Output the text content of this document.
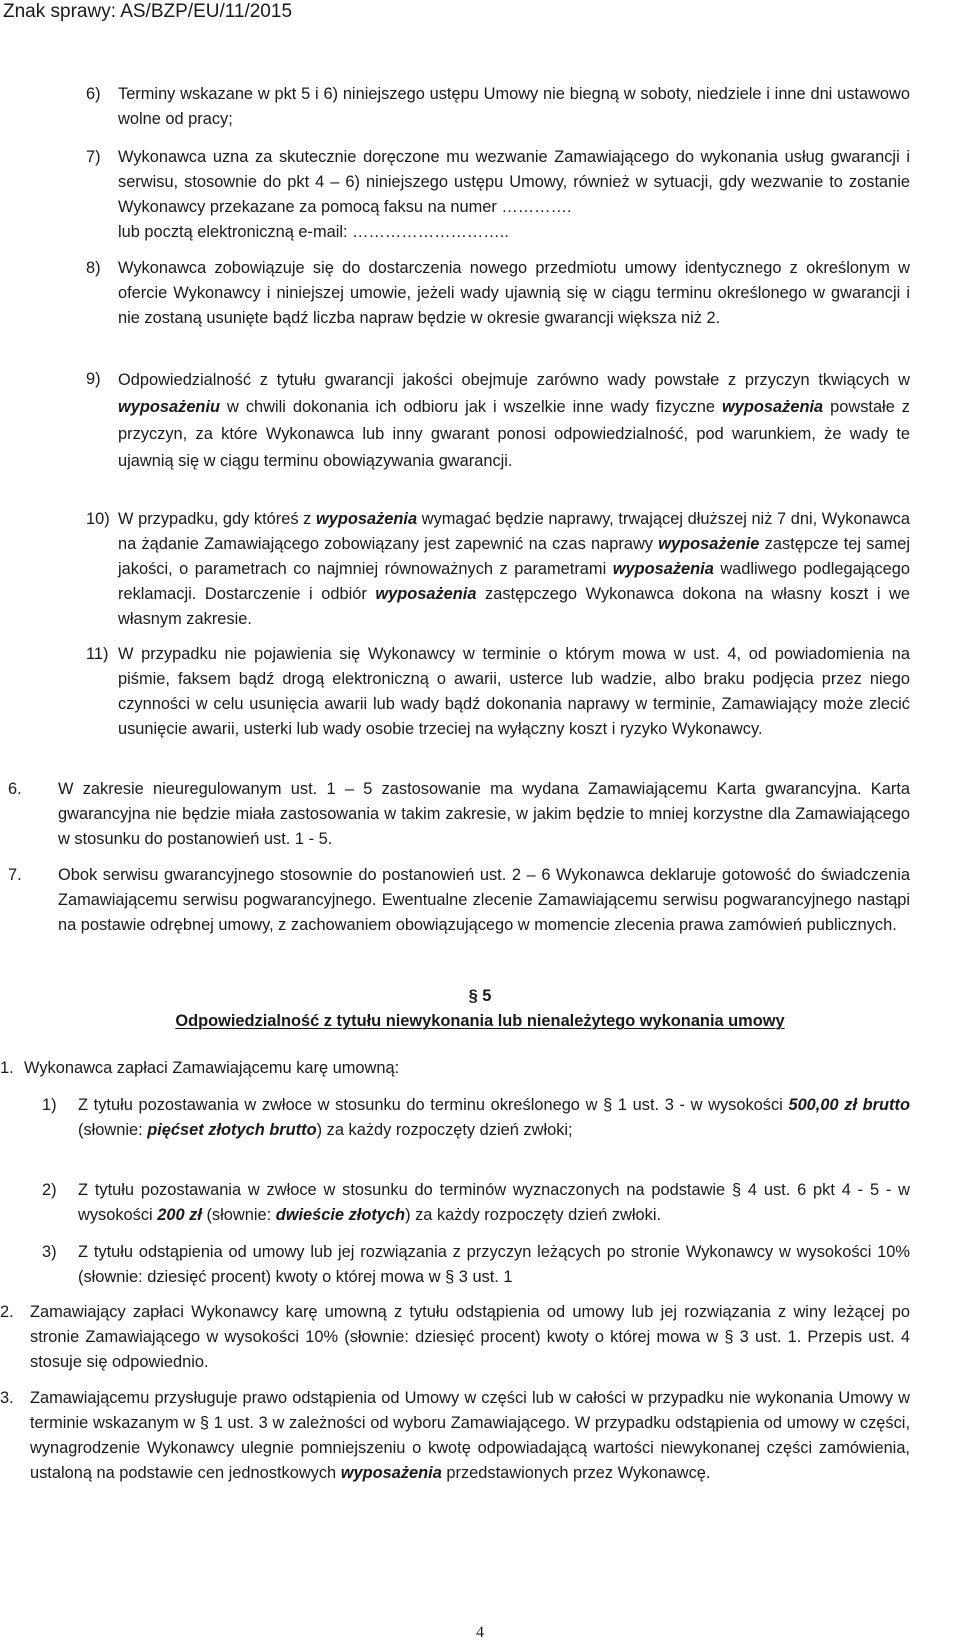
Znak sprawy: AS/BZP/EU/11/2015
6) Terminy wskazane w pkt 5 i 6) niniejszego ustępu Umowy nie biegną w soboty, niedziele i inne dni ustawowo wolne od pracy;
7) Wykonawca uzna za skutecznie doręczone mu wezwanie Zamawiającego do wykonania usług gwarancji i serwisu, stosownie do pkt 4 – 6) niniejszego ustępu Umowy, również w sytuacji, gdy wezwanie to zostanie Wykonawcy przekazane za pomocą faksu na numer ………….
lub pocztą elektroniczną e-mail: ………………………..
8) Wykonawca zobowiązuje się do dostarczenia nowego przedmiotu umowy identycznego z określonym w ofercie Wykonawcy i niniejszej umowie, jeżeli wady ujawnią się w ciągu terminu określonego w gwarancji i nie zostaną usunięte bądź liczba napraw będzie w okresie gwarancji większa niż 2.
9) Odpowiedzialność z tytułu gwarancji jakości obejmuje zarówno wady powstałe z przyczyn tkwiących w wyposażeniu w chwili dokonania ich odbioru jak i wszelkie inne wady fizyczne wyposażenia powstałe z przyczyn, za które Wykonawca lub inny gwarant ponosi odpowiedzialność, pod warunkiem, że wady te ujawnią się w ciągu terminu obowiązywania gwarancji.
10) W przypadku, gdy któreś z wyposażenia wymagać będzie naprawy, trwającej dłuższej niż 7 dni, Wykonawca na żądanie Zamawiającego zobowiązany jest zapewnić na czas naprawy wyposażenie zastępcze tej samej jakości, o parametrach co najmniej równoważnych z parametrami wyposażenia wadliwego podlegającego reklamacji. Dostarczenie i odbiór wyposażenia zastępczego Wykonawca dokona na własny koszt i we własnym zakresie.
11) W przypadku nie pojawienia się Wykonawcy w terminie o którym mowa w ust. 4, od powiadomienia na piśmie, faksem bądź drogą elektroniczną o awarii, usterce lub wadzie, albo braku podjęcia przez niego czynności w celu usunięcia awarii lub wady bądź dokonania naprawy w terminie, Zamawiający może zlecić usunięcie awarii, usterki lub wady osobie trzeciej na wyłączny koszt i ryzyko Wykonawcy.
6. W zakresie nieuregulowanym ust. 1 – 5 zastosowanie ma wydana Zamawiającemu Karta gwarancyjna. Karta gwarancyjna nie będzie miała zastosowania w takim zakresie, w jakim będzie to mniej korzystne dla Zamawiającego w stosunku do postanowień ust. 1 - 5.
7. Obok serwisu gwarancyjnego stosownie do postanowień ust. 2 – 6 Wykonawca deklaruje gotowość do świadczenia Zamawiającemu serwisu pogwarancyjnego. Ewentualne zlecenie Zamawiającemu serwisu pogwarancyjnego nastąpi na postawie odrębnej umowy, z zachowaniem obowiązującego w momencie zlecenia prawa zamówień publicznych.
§ 5
Odpowiedzialność z tytułu niewykonania lub nienależytego wykonania umowy
1. Wykonawca zapłaci Zamawiającemu karę umowną:
1) Z tytułu pozostawania w zwłoce w stosunku do terminu określonego w § 1 ust. 3 - w wysokości 500,00 zł brutto (słownie: pięćset złotych brutto) za każdy rozpoczęty dzień zwłoki;
2) Z tytułu pozostawania w zwłoce w stosunku do terminów wyznaczonych na podstawie § 4 ust. 6 pkt 4 - 5 - w wysokości 200 zł (słownie: dwieście złotych) za każdy rozpoczęty dzień zwłoki.
3) Z tytułu odstąpienia od umowy lub jej rozwiązania z przyczyn leżących po stronie Wykonawcy w wysokości 10% (słownie: dziesięć procent) kwoty o której mowa w § 3 ust. 1
2. Zamawiający zapłaci Wykonawcy karę umowną z tytułu odstąpienia od umowy lub jej rozwiązania z winy leżącej po stronie Zamawiającego w wysokości 10% (słownie: dziesięć procent) kwoty o której mowa w § 3 ust. 1. Przepis ust. 4 stosuje się odpowiednio.
3. Zamawiającemu przysługuje prawo odstąpienia od Umowy w części lub w całości w przypadku nie wykonania Umowy w terminie wskazanym w § 1 ust. 3 w zależności od wyboru Zamawiającego. W przypadku odstąpienia od umowy w części, wynagrodzenie Wykonawcy ulegnie pomniejszeniu o kwotę odpowiadającą wartości niewykonanej części zamówienia, ustaloną na podstawie cen jednostkowych wyposażenia przedstawionych przez Wykonawcę.
4
